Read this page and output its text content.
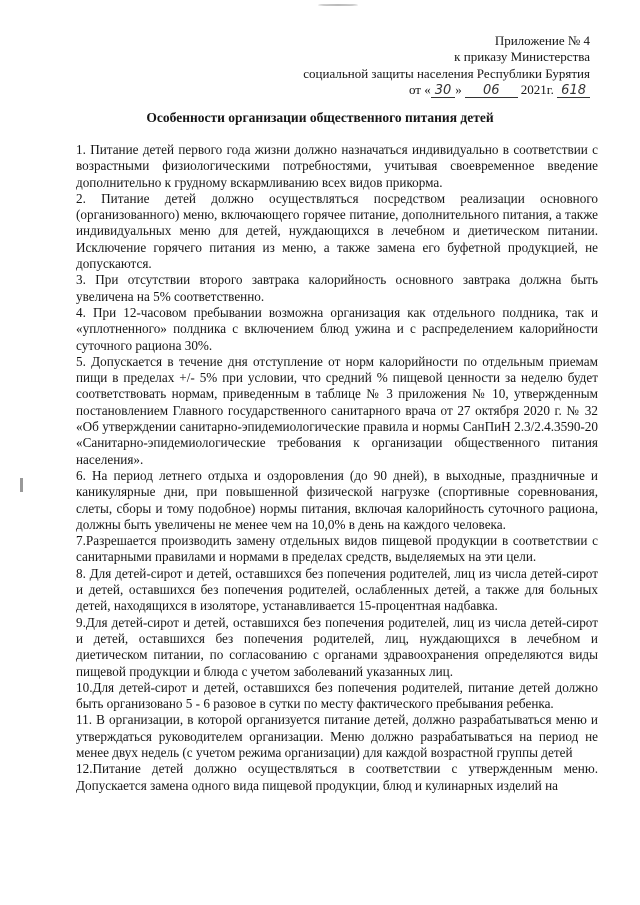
Приложение № 4
к приказу Министерства
социальной защиты населения Республики Бурятия
от « 30 » 06 2021г. 618
Особенности организации общественного питания детей

1. Питание детей первого года жизни должно назначаться индивидуально в соответствии с возрастными физиологическими потребностями, учитывая своевременное введение дополнительно к грудному вскармливанию всех видов прикорма.

2. Питание детей должно осуществляться посредством реализации основного (организованного) меню, включающего горячее питание, дополнительного питания, а также индивидуальных меню для детей, нуждающихся в лечебном и диетическом питании. Исключение горячего питания из меню, а также замена его буфетной продукцией, не допускаются.

3. При отсутствии второго завтрака калорийность основного завтрака должна быть увеличена на 5% соответственно.

4. При 12-часовом пребывании возможна организация как отдельного полдника, так и «уплотненного» полдника с включением блюд ужина и с распределением калорийности суточного рациона 30%.

5. Допускается в течение дня отступление от норм калорийности по отдельным приемам пищи в пределах +/- 5% при условии, что средний % пищевой ценности за неделю будет соответствовать нормам, приведенным в таблице № 3 приложения № 10, утвержденным постановлением Главного государственного санитарного врача от 27 октября 2020 г. № 32 «Об утверждении санитарно-эпидемиологические правила и нормы СанПиН 2.3/2.4.3590-20 «Санитарно-эпидемиологические требования к организации общественного питания населения».

6. На период летнего отдыха и оздоровления (до 90 дней), в выходные, праздничные и каникулярные дни, при повышенной физической нагрузке (спортивные соревнования, слеты, сборы и тому подобное) нормы питания, включая калорийность суточного рациона, должны быть увеличены не менее чем на 10,0% в день на каждого человека.

7.Разрешается производить замену отдельных видов пищевой продукции в соответствии с санитарными правилами и нормами в пределах средств, выделяемых на эти цели.

8. Для детей-сирот и детей, оставшихся без попечения родителей, лиц из числа детей-сирот и детей, оставшихся без попечения родителей, ослабленных детей, а также для больных детей, находящихся в изоляторе, устанавливается 15-процентная надбавка.

9.Для детей-сирот и детей, оставшихся без попечения родителей, лиц из числа детей-сирот и детей, оставшихся без попечения родителей, лиц, нуждающихся в лечебном и диетическом питании, по согласованию с органами здравоохранения определяются виды пищевой продукции и блюда с учетом заболеваний указанных лиц.

10.Для детей-сирот и детей, оставшихся без попечения родителей, питание детей должно быть организовано 5 - 6 разовое в сутки по месту фактического пребывания ребенка.

11. В организации, в которой организуется питание детей, должно разрабатываться меню и утверждаться руководителем организации. Меню должно разрабатываться на период не менее двух недель (с учетом режима организации) для каждой возрастной группы детей

12.Питание детей должно осуществляться в соответствии с утвержденным меню. Допускается замена одного вида пищевой продукции, блюд и кулинарных изделий на
